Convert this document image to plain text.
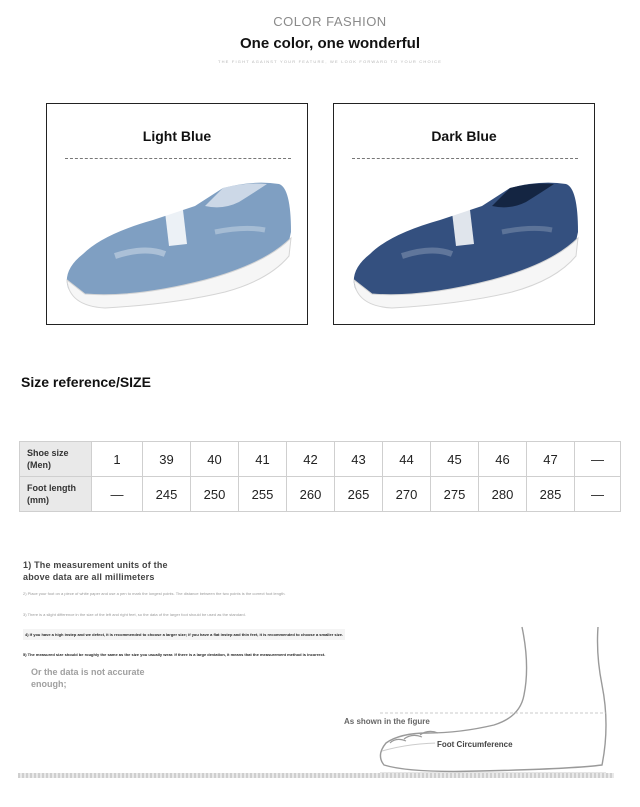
COLOR FASHION
One color, one wonderful
THE FIGHT AGAINST YOUR FEATURE, WE LOOK FORWARD TO YOUR CHOICE
Light Blue	Dark Blue
Size reference/SIZE
Shoe size (Men)	1	39	40	41	42	43	44	45	46	47	—
Foot length (mm)	—	245	250	255	260	265	270	275	280	285	—
1) The measurement units of the above data are all millimeters
2) Place your foot on a piece of white paper and use a pen to mark the longest points. The distance between the two points is the correct foot length.
3) There is a slight difference in the size of the left and right feet, so the data of the larger foot should be used as the standard.
4) If you have a high instep and we defect, it is recommended to choose a larger size; if you have a flat instep and thin feet, it is recommended to choose a smaller size.
5) The measured size should be roughly the same as the size you usually wear. If there is a large deviation, it means that the measurement method is incorrect.
Or the data is not accurate enough;
As shown in the figure
Foot Circumference
